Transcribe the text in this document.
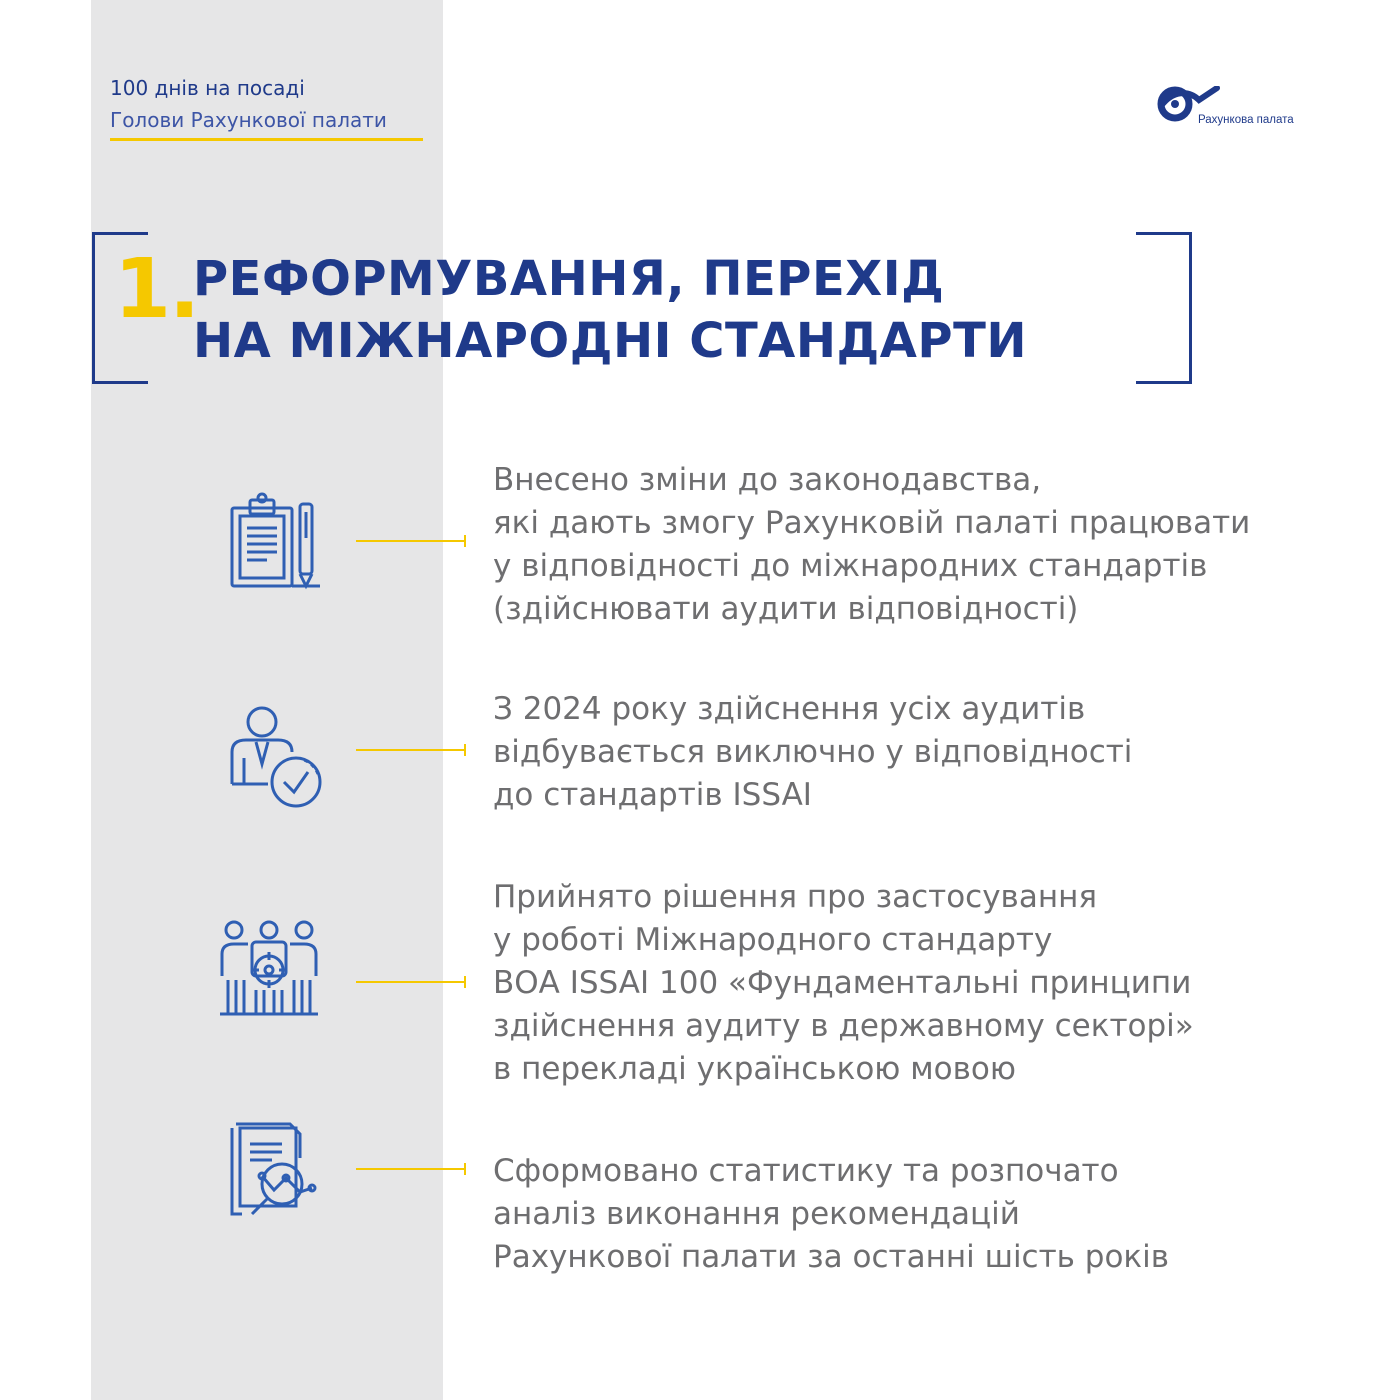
100 днів на посаді
Голови Рахункової палати	Рахункова палата
1.
РЕФОРМУВАННЯ, ПЕРЕХІД
НА МІЖНАРОДНІ СТАНДАРТИ
Внесено зміни до законодавства,
які дають змогу Рахунковій палаті працювати
у відповідності до міжнародних стандартів
(здійснювати аудити відповідності)
З 2024 року здійснення усіх аудитів
відбувається виключно у відповідності
до стандартів ISSAI
Прийнято рішення про застосування
у роботі Міжнародного стандарту
ВОА ISSAI 100 «Фундаментальні принципи
здійснення аудиту в державному секторі»
в перекладі українською мовою
Сформовано статистику та розпочато
аналіз виконання рекомендацій
Рахункової палати за останні шість років
